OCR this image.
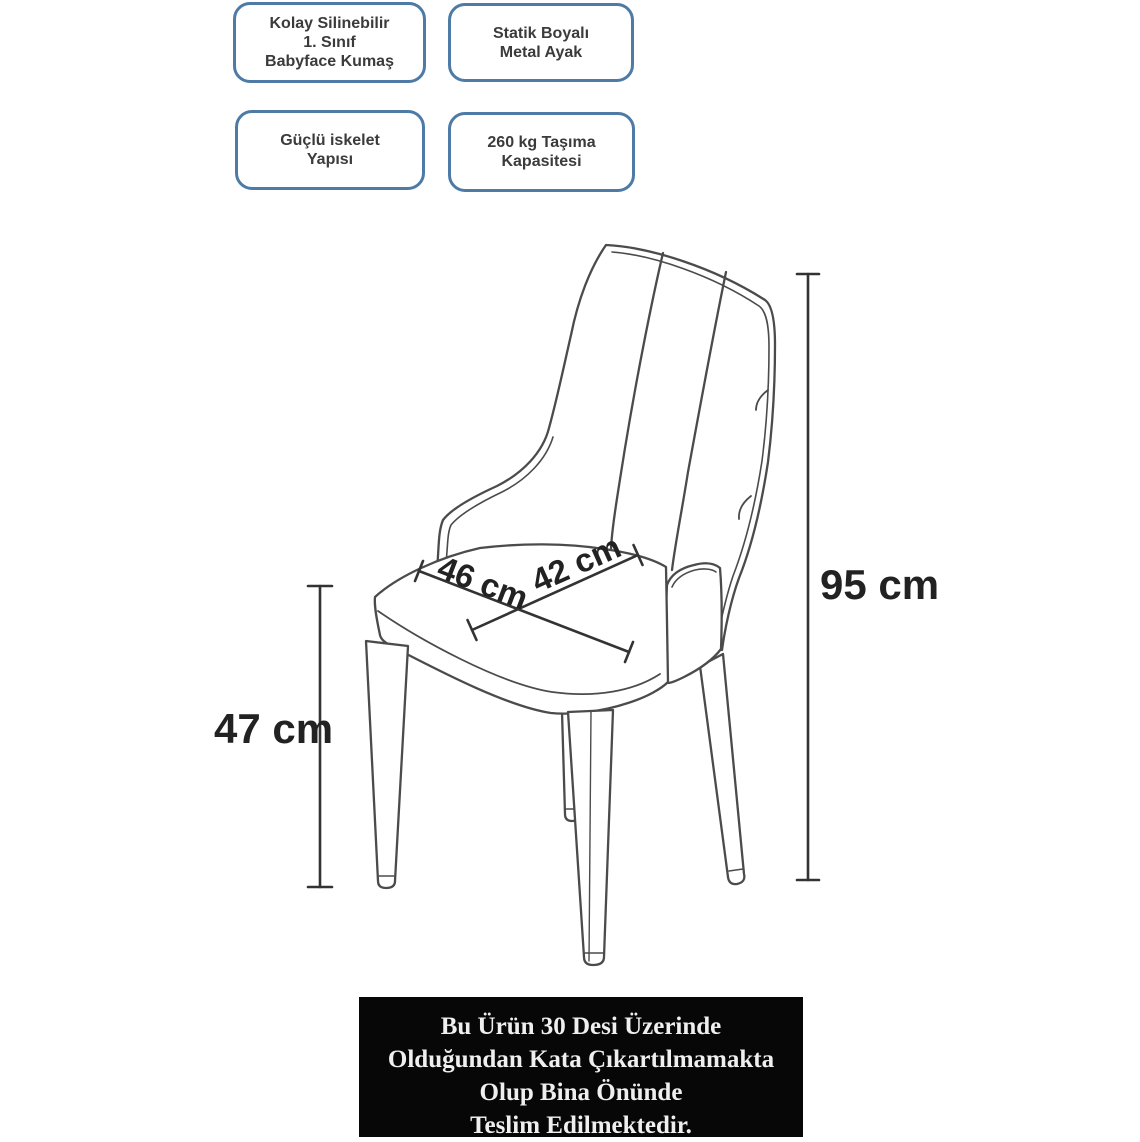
Kolay Silinebilir
1. Sınıf
Babyface Kumaş
Statik Boyalı
Metal Ayak
Güçlü iskelet
Yapısı
260 kg Taşıma
Kapasitesi
95 cm
47 cm
46 cm
42 cm
Bu Ürün 30 Desi Üzerinde
Olduğundan Kata Çıkartılmamakta
Olup Bina Önünde
Teslim Edilmektedir.
